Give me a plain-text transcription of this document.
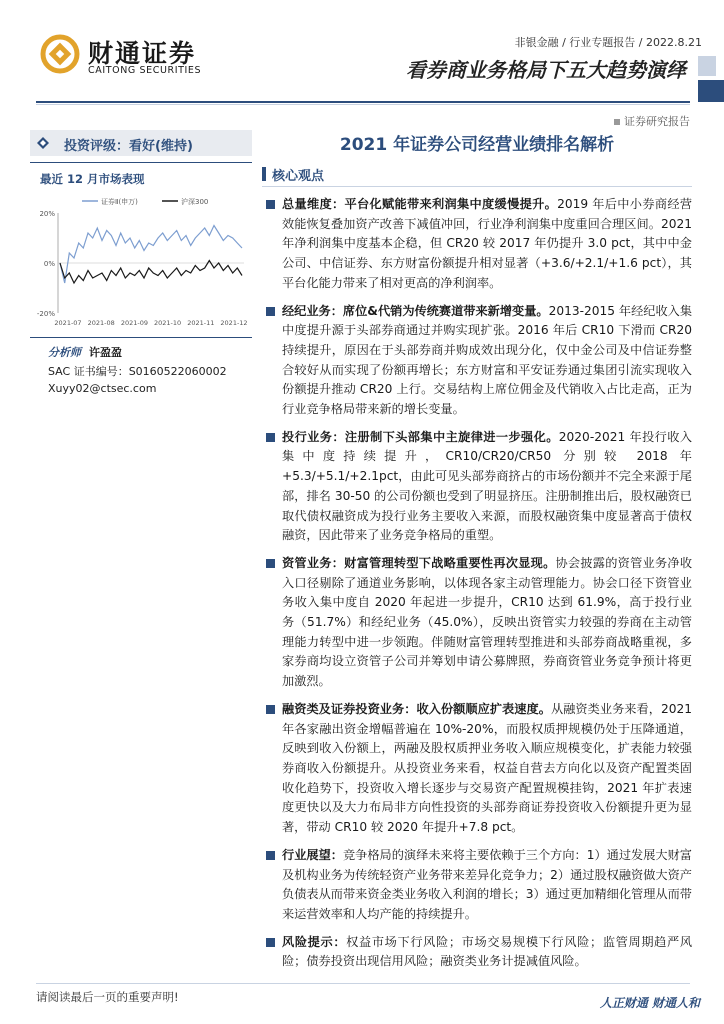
财通证券
CAITONG SECURITIES
非银金融 / 行业专题报告 / 2022.8.21
看券商业务格局下五大趋势演绎
证券研究报告
投资评级：看好(维持)
最近 12 月市场表现
20%
0%
-20%
2021-07 2021-08 2021-09 2021-10 2021-11 2021-12
证券Ⅱ(申万)	沪深300
分析师 许盈盈
SAC 证书编号：S0160522060002
Xuyy02@ctsec.com
2021 年证券公司经营业绩排名解析
核心观点
总量维度：平台化赋能带来利润集中度缓慢提升。2019 年后中小券商经营效能恢复叠加资产改善下减值冲回，行业净利润集中度重回合理区间。2021 年净利润集中度基本企稳，但 CR20 较 2017 年仍提升 3.0 pct，其中中金公司、中信证券、东方财富份额提升相对显著（+3.6/+2.1/+1.6 pct），其平台化能力带来了相对更高的净利润率。
经纪业务：席位&代销为传统赛道带来新增变量。2013-2015 年经纪收入集中度提升源于头部券商通过并购实现扩张。2016 年后 CR10 下滑而 CR20 持续提升，原因在于头部券商并购成效出现分化，仅中金公司及中信证券整合较好从而实现了份额再增长；东方财富和平安证券通过集团引流实现收入份额提升推动 CR20 上行。交易结构上席位佣金及代销收入占比走高，正为行业竞争格局带来新的增长变量。
投行业务：注册制下头部集中主旋律进一步强化。2020-2021 年投行收入集中度持续提升，CR10/CR20/CR50 分别较 2018 年+5.3/+5.1/+2.1pct，由此可见头部券商挤占的市场份额并不完全来源于尾部，排名 30-50 的公司份额也受到了明显挤压。注册制推出后，股权融资已取代债权融资成为投行业务主要收入来源，而股权融资集中度显著高于债权融资，因此带来了业务竞争格局的重塑。
资管业务：财富管理转型下战略重要性再次显现。协会披露的资管业务净收入口径剔除了通道业务影响，以体现各家主动管理能力。协会口径下资管业务收入集中度自 2020 年起进一步提升，CR10 达到 61.9%，高于投行业务（51.7%）和经纪业务（45.0%），反映出资管实力较强的券商在主动管理能力转型中进一步领跑。伴随财富管理转型推进和头部券商战略重视，多家券商均设立资管子公司并筹划申请公募牌照，券商资管业务竞争预计将更加激烈。
融资类及证券投资业务：收入份额顺应扩表速度。从融资类业务来看，2021 年各家融出资金增幅普遍在 10%-20%，而股权质押规模仍处于压降通道，反映到收入份额上，两融及股权质押业务收入顺应规模变化，扩表能力较强券商收入份额提升。从投资业务来看，权益自营去方向化以及资产配置类固收化趋势下，投资收入增长逐步与交易资产配置规模挂钩，2021 年扩表速度更快以及大力布局非方向性投资的头部券商证券投资收入份额提升更为显著，带动 CR10 较 2020 年提升+7.8 pct。
行业展望：竞争格局的演绎未来将主要依赖于三个方向：1）通过发展大财富及机构业务为传统轻资产业务带来差异化竞争力；2）通过股权融资做大资产负债表从而带来资金类业务收入利润的增长；3）通过更加精细化管理从而带来运营效率和人均产能的持续提升。
风险提示：权益市场下行风险；市场交易规模下行风险；监管周期趋严风险；债券投资出现信用风险；融资类业务计提减值风险。
请阅读最后一页的重要声明!	人正财通 财通人和
